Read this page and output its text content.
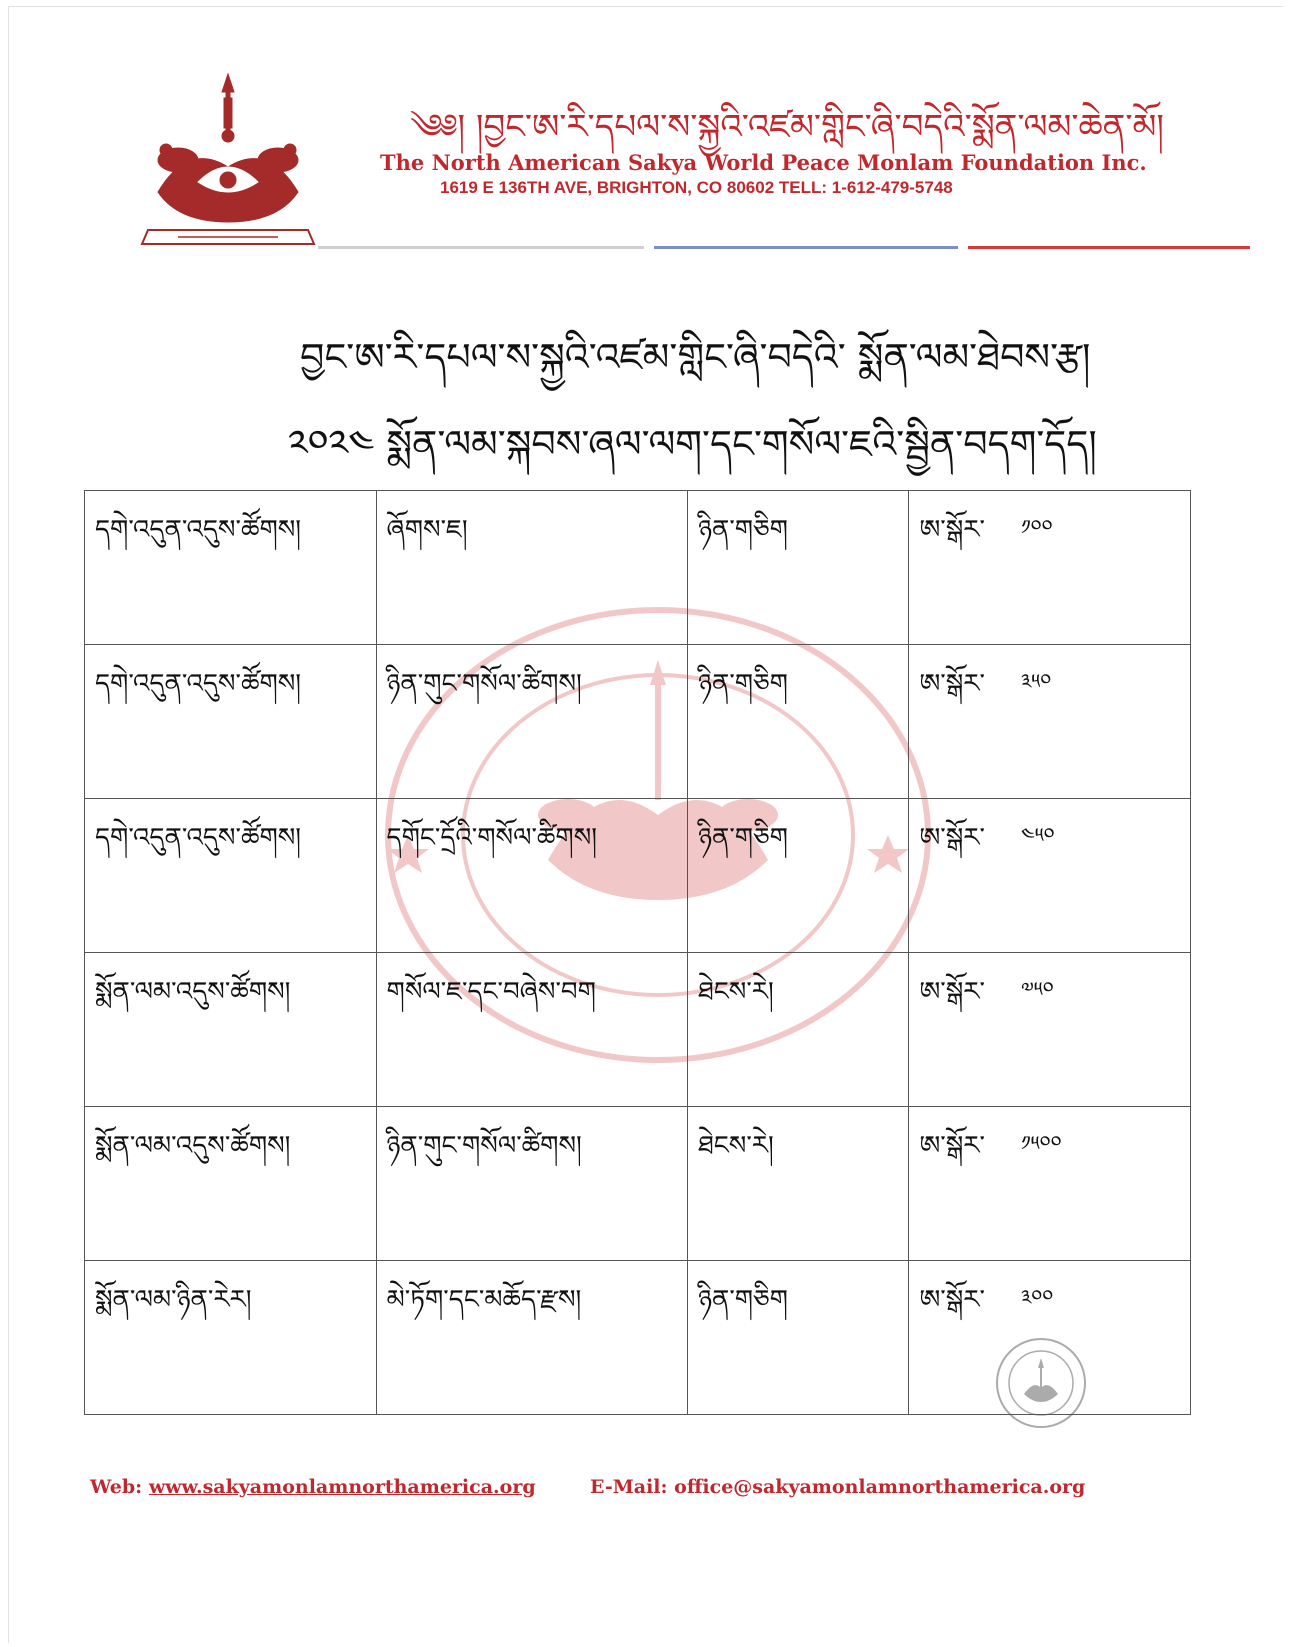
༄༅། །བྱང་ཨ་རི་དཔལ་ས་སྐྱའི་འཛམ་གླིང་ཞི་བདེའི་སྨོན་ལམ་ཆེན་མོ།
The North American Sakya World Peace Monlam Foundation Inc.
1619 E 136TH AVE, BRIGHTON, CO 80602 TELL: 1-612-479-5748
བྱང་ཨ་རི་དཔལ་ས་སྐྱའི་འཛམ་གླིང་ཞི་བདེའི་ སྨོན་ལམ་ཐེབས་རྩ།
༢༠༢༤ སྨོན་ལམ་སྐབས་ཞལ་ལག་དང་གསོལ་ཇའི་སྦྱིན་བདག་དོད།
དགེ་འདུན་འདུས་ཚོགས།	ཞོགས་ཇ།	ཉིན་གཅིག	ཨ་སྒོར་ ༡༠༠
དགེ་འདུན་འདུས་ཚོགས།	ཉིན་གུང་གསོལ་ཚིགས།	ཉིན་གཅིག	ཨ་སྒོར་ ༣༥༠
དགེ་འདུན་འདུས་ཚོགས།	དགོང་དྲོའི་གསོལ་ཚིགས།	ཉིན་གཅིག	ཨ་སྒོར་ ༤༥༠
སྨོན་ལམ་འདུས་ཚོགས།	གསོལ་ཇ་དང་བཞེས་བག	ཐེངས་རེ།	ཨ་སྒོར་ ༧༥༠
སྨོན་ལམ་འདུས་ཚོགས།	ཉིན་གུང་གསོལ་ཚིགས།	ཐེངས་རེ།	ཨ་སྒོར་ ༡༥༠༠
སྨོན་ལམ་ཉིན་རེར།	མེ་ཏོག་དང་མཆོད་རྫས།	ཉིན་གཅིག	ཨ་སྒོར་ ༣༠༠
Web: www.sakyamonlamnorthamerica.org	E-Mail: office@sakyamonlamnorthamerica.org
